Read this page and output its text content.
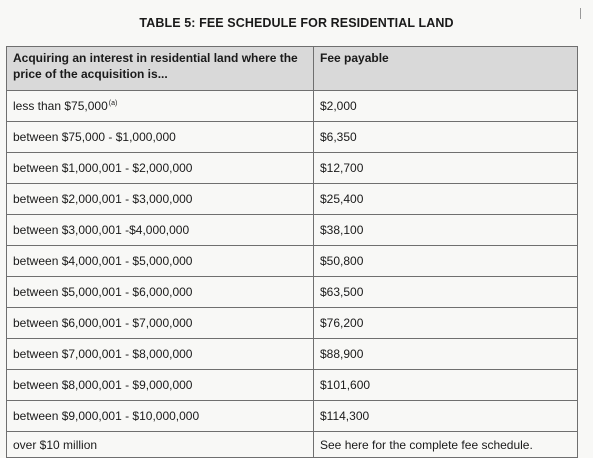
TABLE 5: FEE SCHEDULE FOR RESIDENTIAL LAND
Acquiring an interest in residential land where the price of the acquisition is...	Fee payable
less than $75,000$^{(a)}$	$2,000
between $75,000 - $1,000,000	$6,350
between $1,000,001 - $2,000,000	$12,700
between $2,000,001 - $3,000,000	$25,400
between $3,000,001 -$4,000,000	$38,100
between $4,000,001 - $5,000,000	$50,800
between $5,000,001 - $6,000,000	$63,500
between $6,000,001 - $7,000,000	$76,200
between $7,000,001 - $8,000,000	$88,900
between $8,000,001 - $9,000,000	$101,600
between $9,000,001 - $10,000,000	$114,300
over $10 million	See here for the complete fee schedule.
